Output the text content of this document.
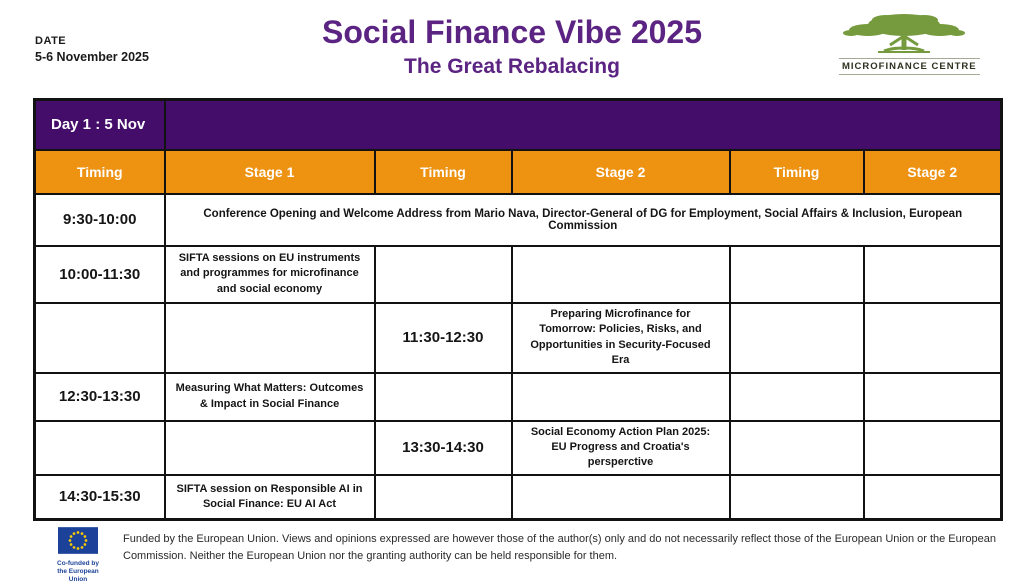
DATE
5-6 November 2025
Social Finance Vibe 2025
The Great Rebalacing	MICROFINANCE CENTRE
Day 1 : 5 Nov					
Timing	Stage 1	Timing	Stage 2	Timing	Stage 2
9:30-10:00	Conference Opening and Welcome Address from Mario Nava, Director-General of DG for Employment, Social Affairs & Inclusion, European Commission				
10:00-11:30	SIFTA sessions on EU instruments and programmes for microfinance and social economy				
		11:30-12:30	Preparing Microfinance for Tomorrow: Policies, Risks, and Opportunities in Security-Focused Era		
12:30-13:30	Measuring What Matters: Outcomes & Impact in Social Finance				
		13:30-14:30	Social Economy Action Plan 2025: EU Progress and Croatia's persperctive		
14:30-15:30	SIFTA session on Responsible AI in Social Finance: EU AI Act				
Co-funded by
the European Union
Funded by the European Union. Views and opinions expressed are however those of the author(s) only and do not necessarily reflect those of the European Union or the European Commission. Neither the European Union nor the granting authority can be held responsible for them.
